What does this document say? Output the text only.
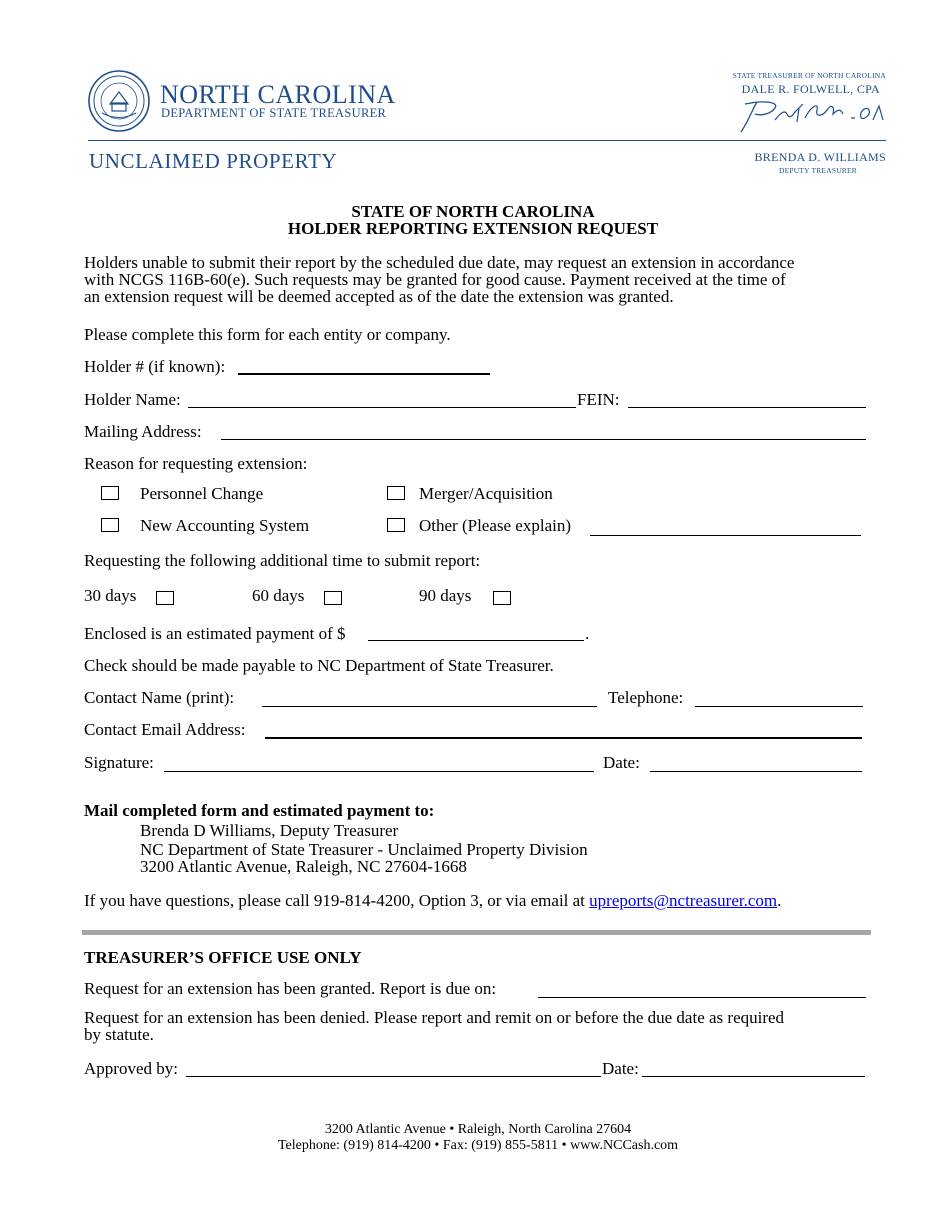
NORTH CAROLINA
DEPARTMENT OF STATE TREASURER
STATE TREASURER OF NORTH CAROLINA
DALE R. FOLWELL, CPA
UNCLAIMED PROPERTY	BRENDA D. WILLIAMS
DEPUTY TREASURER
STATE OF NORTH CAROLINA
HOLDER REPORTING EXTENSION REQUEST
Holders unable to submit their report by the scheduled due date, may request an extension in accordance
with NCGS 116B-60(e). Such requests may be granted for good cause. Payment received at the time of
an extension request will be deemed accepted as of the date the extension was granted.
Please complete this form for each entity or company.
Holder # (if known):
Holder Name:	FEIN:
Mailing Address:
Reason for requesting extension:
Personnel Change	Merger/Acquisition
New Accounting System	Other (Please explain)
Requesting the following additional time to submit report:
30 days	60 days	90 days
Enclosed is an estimated payment of $	.
Check should be made payable to NC Department of State Treasurer.
Contact Name (print):	Telephone:
Contact Email Address:
Signature:	Date:
Mail completed form and estimated payment to:
Brenda D Williams, Deputy Treasurer
NC Department of State Treasurer - Unclaimed Property Division
3200 Atlantic Avenue, Raleigh, NC 27604-1668
If you have questions, please call 919-814-4200, Option 3, or via email at upreports@nctreasurer.com.
TREASURER’S OFFICE USE ONLY
Request for an extension has been granted. Report is due on:
Request for an extension has been denied. Please report and remit on or before the due date as required
by statute.
Approved by:	Date:
3200 Atlantic Avenue • Raleigh, North Carolina 27604
Telephone: (919) 814-4200 • Fax: (919) 855-5811 • www.NCCash.com
